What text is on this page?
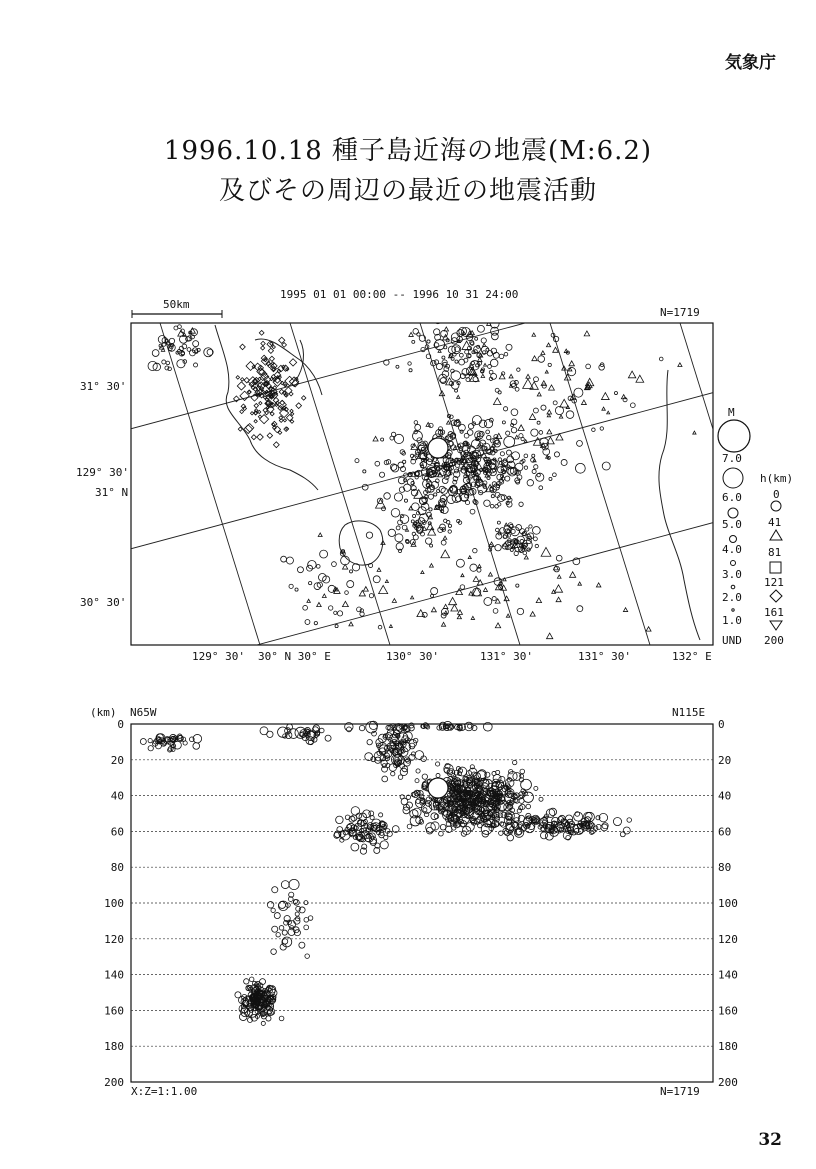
気象庁
1996.10.18 種子島近海の地震(M:6.2)
及びその周辺の最近の地震活動
1995 01 01 00:00 -- 1996 10 31 24:00
N=1719
50km
31° 30'
129° 30'
31° N
30° 30'
129° 30' 30° N 30° E	130° 30'	131° 30'	131° 30'	132° E
M
7.0
6.0
5.0
4.0
3.0
2.0
1.0
UND
h(km)
0
41
81
121
161
200
(km) N65W	N115E
0
20
40
60
80
100
120
140
160
180
200
0
20
40
60
80
100
120
140
160
180
200
X:Z=1:1.00	N=1719
32
